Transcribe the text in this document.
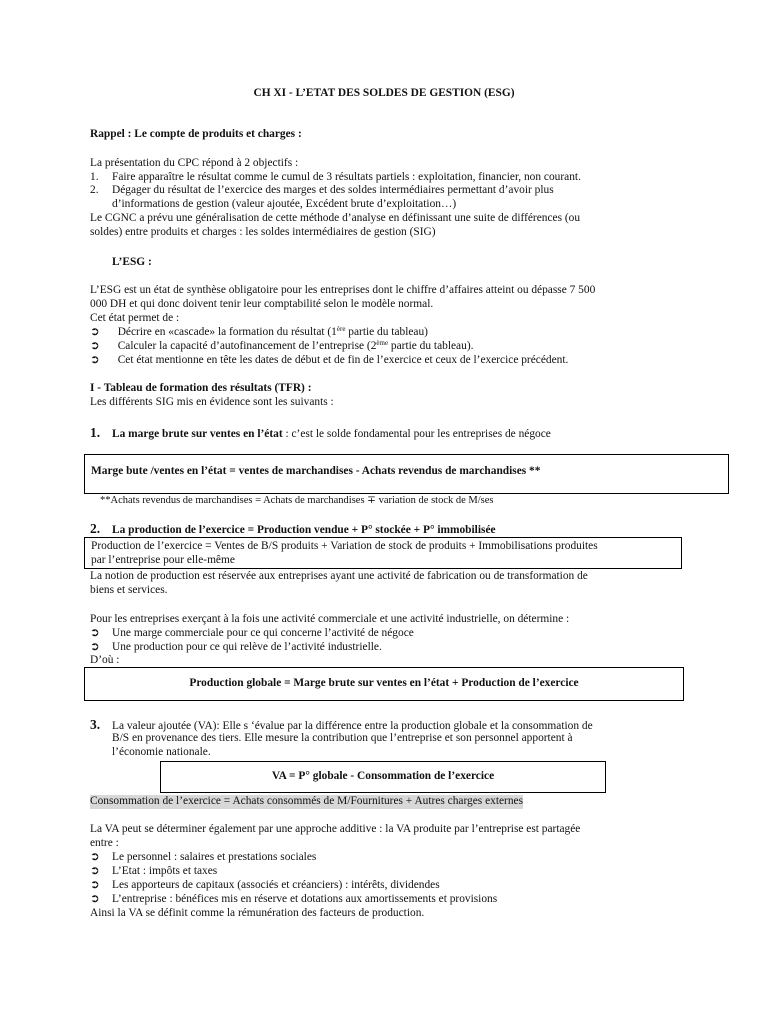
CH XI - L’ETAT DES SOLDES DE GESTION (ESG)
Rappel : Le compte de produits et charges :
La présentation du CPC répond à 2 objectifs :
1. Faire apparaître le résultat comme le cumul de 3 résultats partiels : exploitation, financier, non courant.
2. Dégager du résultat de l’exercice des marges et des soldes intermédiaires permettant d’avoir plus
d’informations de gestion (valeur ajoutée, Excédent brute d’exploitation…)
Le CGNC a prévu une généralisation de cette méthode d’analyse en définissant une suite de différences (ou
soldes) entre produits et charges : les soldes intermédiaires de gestion (SIG)
L’ESG :
L’ESG est un état de synthèse obligatoire pour les entreprises dont le chiffre d’affaires atteint ou dépasse 7 500
000 DH et qui donc doivent tenir leur comptabilité selon le modèle normal.
Cet état permet de :
➲ Décrire en «cascade» la formation du résultat (1ère partie du tableau)
➲ Calculer la capacité d’autofinancement de l’entreprise (2ème partie du tableau).
➲ Cet état mentionne en tête les dates de début et de fin de l’exercice et ceux de l’exercice précédent.
I - Tableau de formation des résultats (TFR) :
Les différents SIG mis en évidence sont les suivants :
1. La marge brute sur ventes en l’état : c’est le solde fondamental pour les entreprises de négoce
Marge bute /ventes en l’état = ventes de marchandises - Achats revendus de marchandises **
**Achats revendus de marchandises = Achats de marchandises ∓ variation de stock de M/ses
2. La production de l’exercice = Production vendue + P° stockée + P° immobilisée
Production de l’exercice = Ventes de B/S produits + Variation de stock de produits + Immobilisations produites
par l’entreprise pour elle-même
La notion de production est réservée aux entreprises ayant une activité de fabrication ou de transformation de
biens et services.
Pour les entreprises exerçant à la fois une activité commerciale et une activité industrielle, on détermine :
➲ Une marge commerciale pour ce qui concerne l’activité de négoce
➲ Une production pour ce qui relève de l’activité industrielle.
D’où :
Production globale = Marge brute sur ventes en l’état + Production de l’exercice
3. La valeur ajoutée (VA): Elle s ‘évalue par la différence entre la production globale et la consommation de
B/S en provenance des tiers. Elle mesure la contribution que l’entreprise et son personnel apportent à
l’économie nationale.
VA = P° globale - Consommation de l’exercice
Consommation de l’exercice = Achats consommés de M/Fournitures + Autres charges externes
La VA peut se déterminer également par une approche additive : la VA produite par l’entreprise est partagée
entre :
➲ Le personnel : salaires et prestations sociales
➲ L’Etat : impôts et taxes
➲ Les apporteurs de capitaux (associés et créanciers) : intérêts, dividendes
➲ L’entreprise : bénéfices mis en réserve et dotations aux amortissements et provisions
Ainsi la VA se définit comme la rémunération des facteurs de production.
